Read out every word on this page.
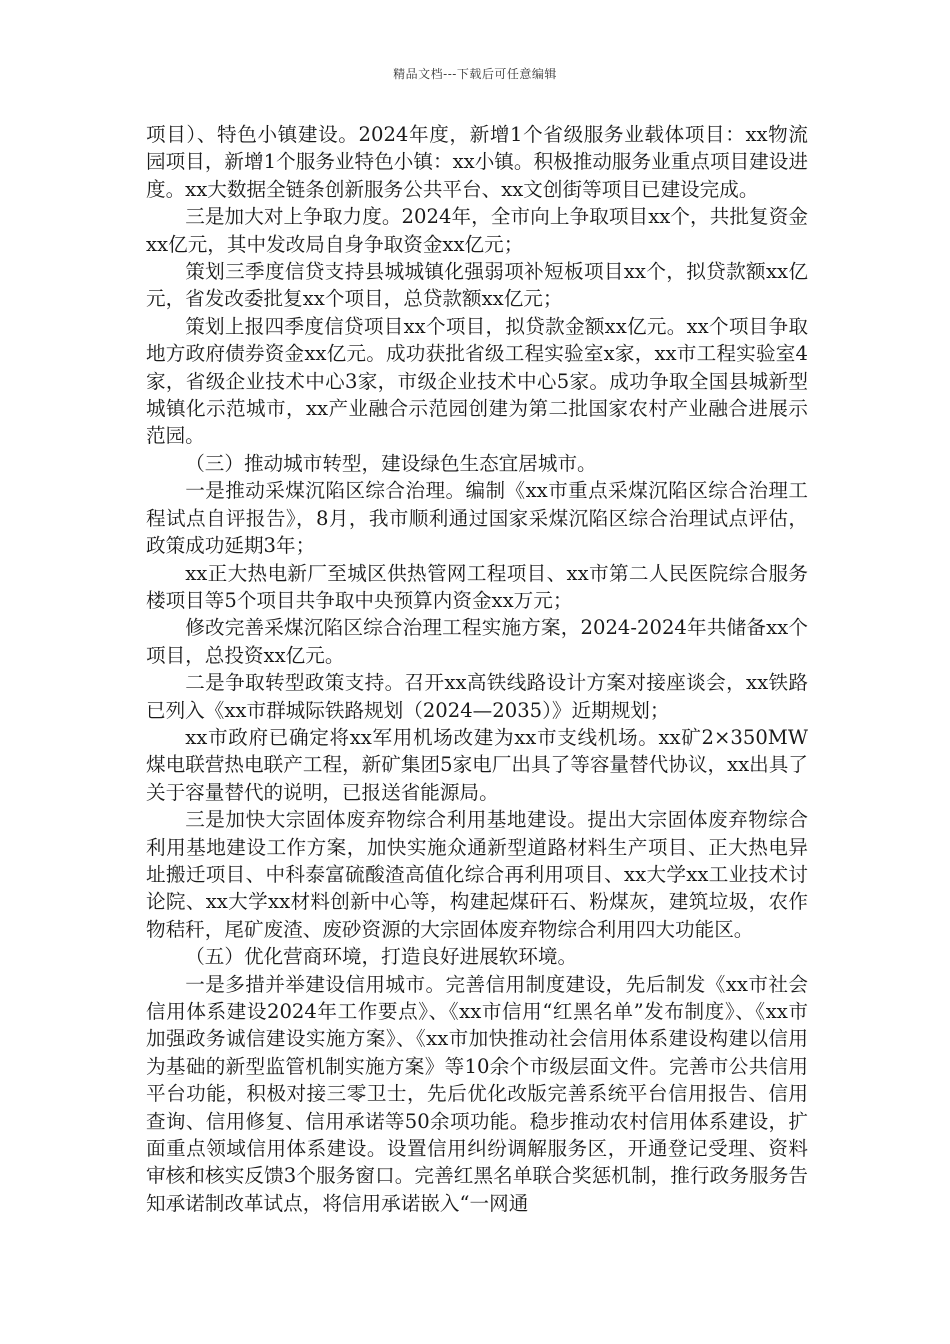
精品文档---下载后可任意编辑

项目）、特色小镇建设。2024年度，新增1个省级服务业载体项目：xx物流园项目，新增1个服务业特色小镇：xx小镇。积极推动服务业重点项目建设进度。xx大数据全链条创新服务公共平台、xx文创街等项目已建设完成。

三是加大对上争取力度。2024年，全市向上争取项目xx个，共批复资金xx亿元，其中发改局自身争取资金xx亿元；

策划三季度信贷支持县城城镇化强弱项补短板项目xx个，拟贷款额xx亿元，省发改委批复xx个项目，总贷款额xx亿元；

策划上报四季度信贷项目xx个项目，拟贷款金额xx亿元。xx个项目争取地方政府债券资金xx亿元。成功获批省级工程实验室x家，xx市工程实验室4家，省级企业技术中心3家，市级企业技术中心5家。成功争取全国县城新型城镇化示范城市，xx产业融合示范园创建为第二批国家农村产业融合进展示范园。

（三）推动城市转型，建设绿色生态宜居城市。

一是推动采煤沉陷区综合治理。编制《xx市重点采煤沉陷区综合治理工程试点自评报告》，8月，我市顺利通过国家采煤沉陷区综合治理试点评估，政策成功延期3年；

xx正大热电新厂至城区供热管网工程项目、xx市第二人民医院综合服务楼项目等5个项目共争取中央预算内资金xx万元；

修改完善采煤沉陷区综合治理工程实施方案，2024-2024年共储备xx个项目，总投资xx亿元。

二是争取转型政策支持。召开xx高铁线路设计方案对接座谈会，xx铁路已列入《xx市群城际铁路规划（2024—2035）》近期规划；

xx市政府已确定将xx军用机场改建为xx市支线机场。xx矿2×350MW煤电联营热电联产工程，新矿集团5家电厂出具了等容量替代协议，xx出具了关于容量替代的说明，已报送省能源局。

三是加快大宗固体废弃物综合利用基地建设。提出大宗固体废弃物综合利用基地建设工作方案，加快实施众通新型道路材料生产项目、正大热电异址搬迁项目、中科泰富硫酸渣高值化综合再利用项目、xx大学xx工业技术讨论院、xx大学xx材料创新中心等，构建起煤矸石、粉煤灰，建筑垃圾，农作物秸秆，尾矿废渣、废砂资源的大宗固体废弃物综合利用四大功能区。

（五）优化营商环境，打造良好进展软环境。

一是多措并举建设信用城市。完善信用制度建设，先后制发《xx市社会信用体系建设2024年工作要点》、《xx市信用“红黑名单”发布制度》、《xx市加强政务诚信建设实施方案》、《xx市加快推动社会信用体系建设构建以信用为基础的新型监管机制实施方案》等10余个市级层面文件。完善市公共信用平台功能，积极对接三零卫士，先后优化改版完善系统平台信用报告、信用查询、信用修复、信用承诺等50余项功能。稳步推动农村信用体系建设，扩面重点领域信用体系建设。设置信用纠纷调解服务区，开通登记受理、资料审核和核实反馈3个服务窗口。完善红黑名单联合奖惩机制，推行政务服务告知承诺制改革试点，将信用承诺嵌入“一网通
